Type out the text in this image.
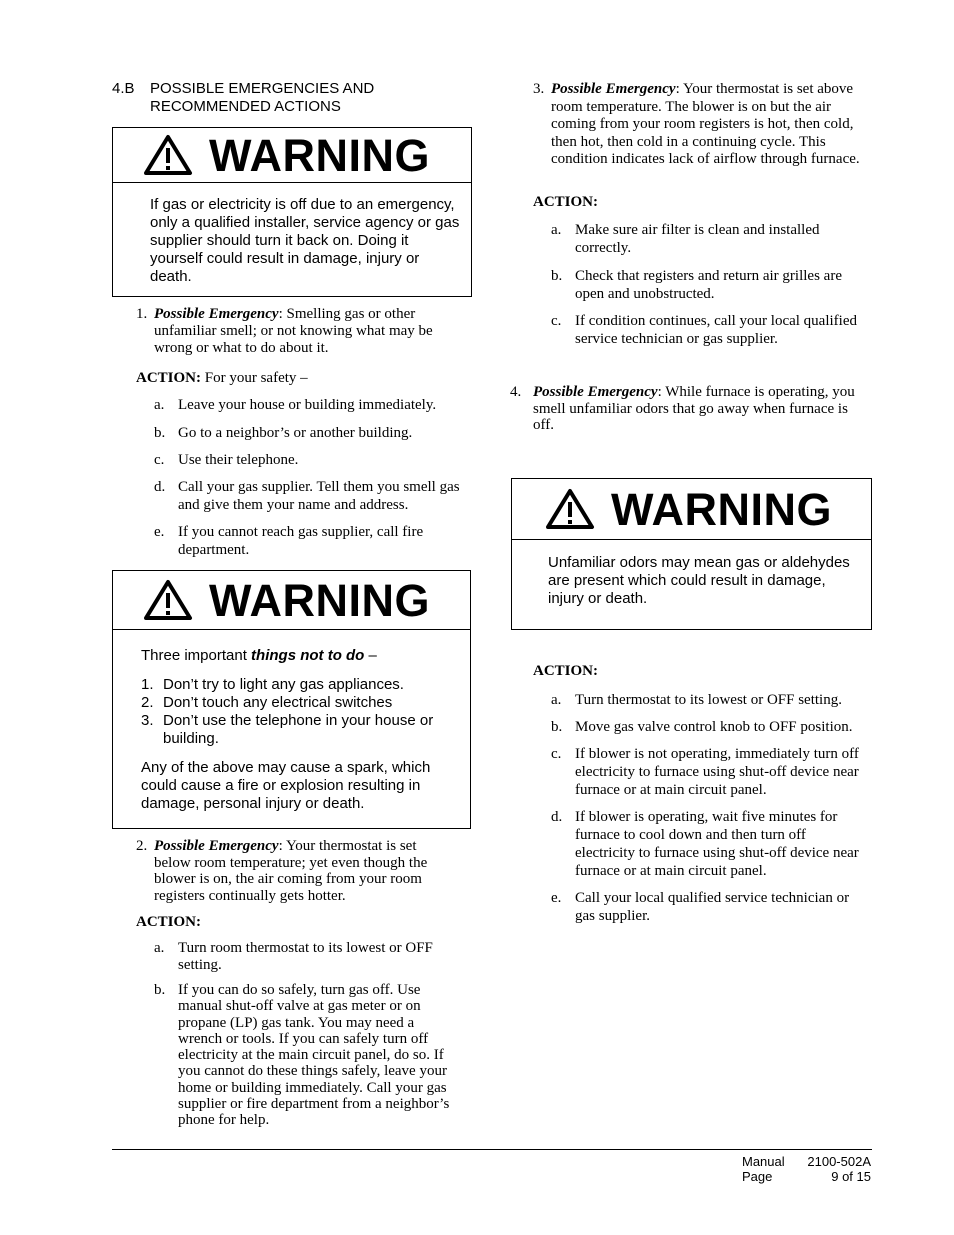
4.B POSSIBLE EMERGENCIES AND RECOMMENDED ACTIONS
WARNING
If gas or electricity is off due to an emergency, only a qualified installer, service agency or gas supplier should turn it back on. Doing it yourself could result in damage, injury or death.
1. Possible Emergency: Smelling gas or other unfamiliar smell; or not knowing what may be wrong or what to do about it.
ACTION: For your safety –
a. Leave your house or building immediately.
b. Go to a neighbor’s or another building.
c. Use their telephone.
d. Call your gas supplier. Tell them you smell gas and give them your name and address.
e. If you cannot reach gas supplier, call fire department.
WARNING
Three important things not to do –
1. Don’t try to light any gas appliances.
2. Don’t touch any electrical switches
3. Don’t use the telephone in your house or building.
Any of the above may cause a spark, which could cause a fire or explosion resulting in damage, personal injury or death.
2. Possible Emergency: Your thermostat is set below room temperature; yet even though the blower is on, the air coming from your room registers continually gets hotter.
ACTION:
a. Turn room thermostat to its lowest or OFF setting.
b. If you can do so safely, turn gas off. Use manual shut-off valve at gas meter or on propane (LP) gas tank. You may need a wrench or tools. If you can safely turn off electricity at the main circuit panel, do so. If you cannot do these things safely, leave your home or building immediately. Call your gas supplier or fire department from a neighbor’s phone for help.
3. Possible Emergency: Your thermostat is set above room temperature. The blower is on but the air coming from your room registers is hot, then cold, then hot, then cold in a continuing cycle. This condition indicates lack of airflow through furnace.
ACTION:
a. Make sure air filter is clean and installed correctly.
b. Check that registers and return air grilles are open and unobstructed.
c. If condition continues, call your local qualified service technician or gas supplier.
4. Possible Emergency: While furnace is operating, you smell unfamiliar odors that go away when furnace is off.
WARNING
Unfamiliar odors may mean gas or aldehydes are present which could result in damage, injury or death.
ACTION:
a. Turn thermostat to its lowest or OFF setting.
b. Move gas valve control knob to OFF position.
c. If blower is not operating, immediately turn off electricity to furnace using shut-off device near furnace or at main circuit panel.
d. If blower is operating, wait five minutes for furnace to cool down and then turn off electricity to furnace using shut-off device near furnace or at main circuit panel.
e. Call your local qualified service technician or gas supplier.
Manual	2100-502A
Page	9 of 15
